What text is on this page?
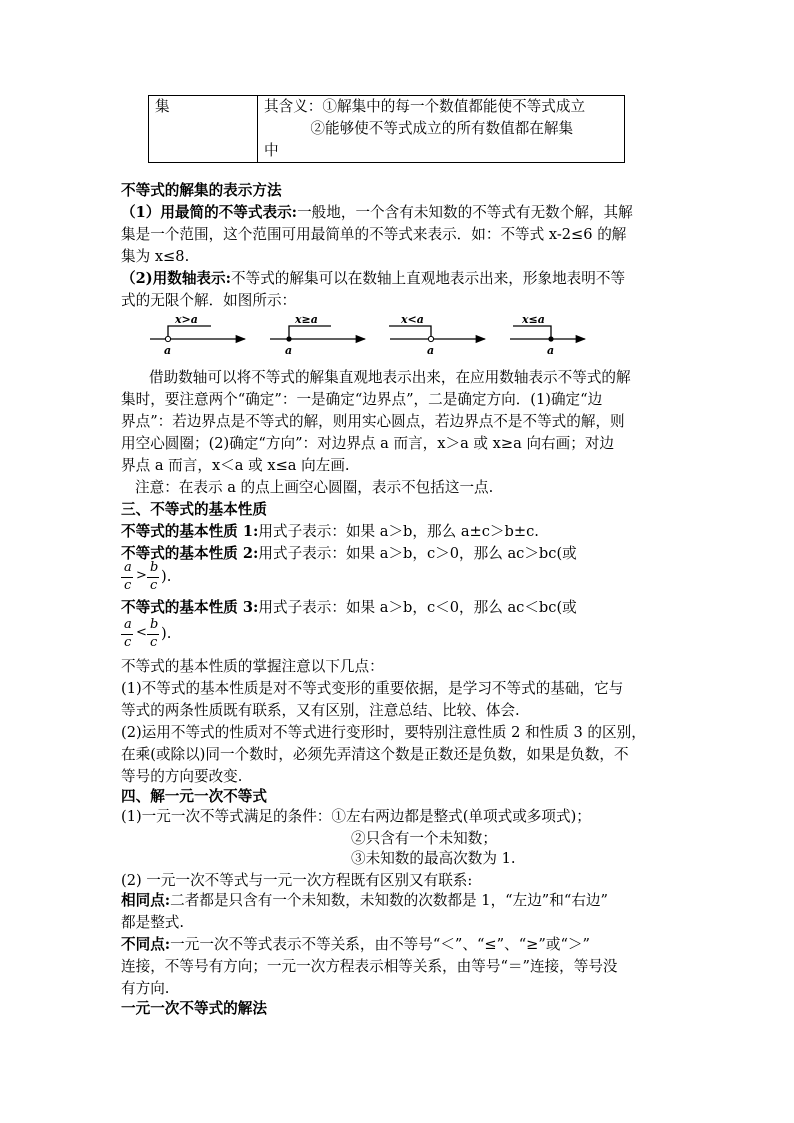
集	其含义：①解集中的每一个数值都能使不等式成立
②能够使不等式成立的所有数值都在解集
中
不等式的解集的表示方法
（1）用最简的不等式表示:一般地，一个含有未知数的不等式有无数个解，其解
集是一个范围，这个范围可用最简单的不等式来表示．如：不等式 x-2≤6 的解
集为 x≤8.
（2)用数轴表示:不等式的解集可以在数轴上直观地表示出来，形象地表明不等
式的无限个解．如图所示：
x>a
a
x≥a
a
x<a
a
x≤a
a
借助数轴可以将不等式的解集直观地表示出来，在应用数轴表示不等式的解
集时，要注意两个“确定”：一是确定“边界点”，二是确定方向．(1)确定“边
界点”：若边界点是不等式的解，则用实心圆点，若边界点不是不等式的解，则
用空心圆圈；(2)确定“方向”：对边界点 a 而言，x＞a 或 x≥a 向右画；对边
界点 a 而言，x＜a 或 x≤a 向左画.
注意：在表示 a 的点上画空心圆圈，表示不包括这一点.
三、不等式的基本性质
不等式的基本性质 1:用式子表示：如果 a＞b，那么 a±c＞b±c.
不等式的基本性质 2:用式子表示：如果 a＞b，c＞0，那么 ac＞bc(或
a
c
>
b
c
).
不等式的基本性质 3:用式子表示：如果 a＞b，c＜0，那么 ac＜bc(或
a
c
<
b
c
).
不等式的基本性质的掌握注意以下几点：
(1)不等式的基本性质是对不等式变形的重要依据，是学习不等式的基础，它与
等式的两条性质既有联系，又有区别，注意总结、比较、体会.
(2)运用不等式的性质对不等式进行变形时，要特别注意性质 2 和性质 3 的区别，
在乘(或除以)同一个数时，必须先弄清这个数是正数还是负数，如果是负数，不
等号的方向要改变.
四、解一元一次不等式
(1)一元一次不等式满足的条件：①左右两边都是整式(单项式或多项式)；
②只含有一个未知数；
③未知数的最高次数为 1.
(2) 一元一次不等式与一元一次方程既有区别又有联系:
相同点:二者都是只含有一个未知数，未知数的次数都是 1，“左边”和“右边”
都是整式.
不同点:一元一次不等式表示不等关系，由不等号“＜”、“≤”、“≥”或“＞”
连接，不等号有方向；一元一次方程表示相等关系，由等号“＝”连接，等号没
有方向.
一元一次不等式的解法
